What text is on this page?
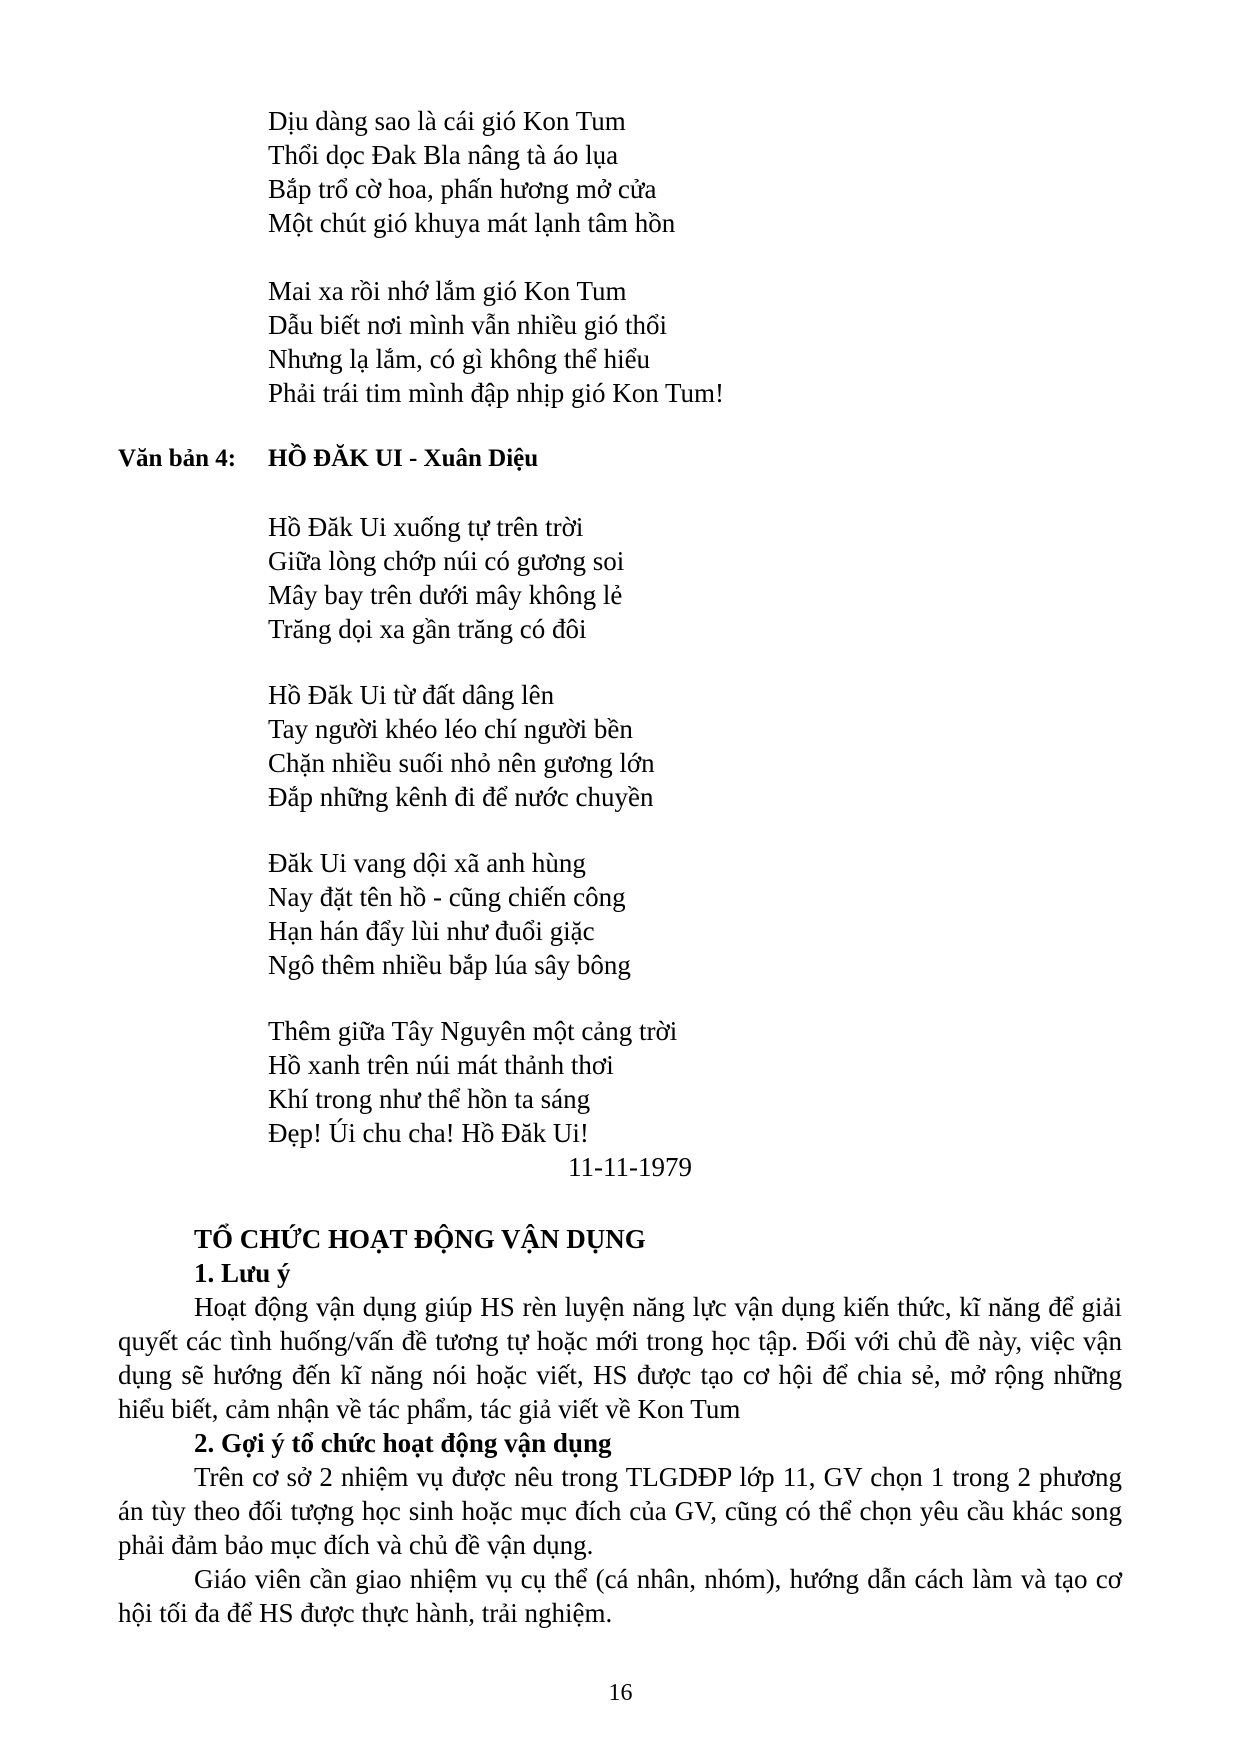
Dịu dàng sao là cái gió Kon Tum
Thổi dọc Đak Bla nâng tà áo lụa
Bắp trổ cờ hoa, phấn hương mở cửa
Một chút gió khuya mát lạnh tâm hồn
Mai xa rồi nhớ lắm gió Kon Tum
Dẫu biết nơi mình vẫn nhiều gió thổi
Nhưng lạ lắm, có gì không thể hiểu
Phải trái tim mình đập nhịp gió Kon Tum!
Văn bản 4: HỒ ĐĂK UI - Xuân Diệu
Hồ Đăk Ui xuống tự trên trời
Giữa lòng chớp núi có gương soi
Mây bay trên dưới mây không lẻ
Trăng dọi xa gần trăng có đôi
Hồ Đăk Ui từ đất dâng lên
Tay người khéo léo chí người bền
Chặn nhiều suối nhỏ nên gương lớn
Đắp những kênh đi để nước chuyền
Đăk Ui vang dội xã anh hùng
Nay đặt tên hồ - cũng chiến công
Hạn hán đẩy lùi như đuổi giặc
Ngô thêm nhiều bắp lúa sây bông
Thêm giữa Tây Nguyên một cảng trời
Hồ xanh trên núi mát thảnh thơi
Khí trong như thể hồn ta sáng
Đẹp! Úi chu cha! Hồ Đăk Ui!
11-11-1979
TỔ CHỨC HOẠT ĐỘNG VẬN DỤNG
1. Lưu ý
Hoạt động vận dụng giúp HS rèn luyện năng lực vận dụng kiến thức, kĩ năng để giải quyết các tình huống/vấn đề tương tự hoặc mới trong học tập. Đối với chủ đề này, việc vận dụng sẽ hướng đến kĩ năng nói hoặc viết, HS được tạo cơ hội để chia sẻ, mở rộng những hiểu biết, cảm nhận về tác phẩm, tác giả viết về Kon Tum
2. Gợi ý tổ chức hoạt động vận dụng
Trên cơ sở 2 nhiệm vụ được nêu trong TLGDĐP lớp 11, GV chọn 1 trong 2 phương án tùy theo đối tượng học sinh hoặc mục đích của GV, cũng có thể chọn yêu cầu khác song phải đảm bảo mục đích và chủ đề vận dụng.
Giáo viên cần giao nhiệm vụ cụ thể (cá nhân, nhóm), hướng dẫn cách làm và tạo cơ hội tối đa để HS được thực hành, trải nghiệm.
16
